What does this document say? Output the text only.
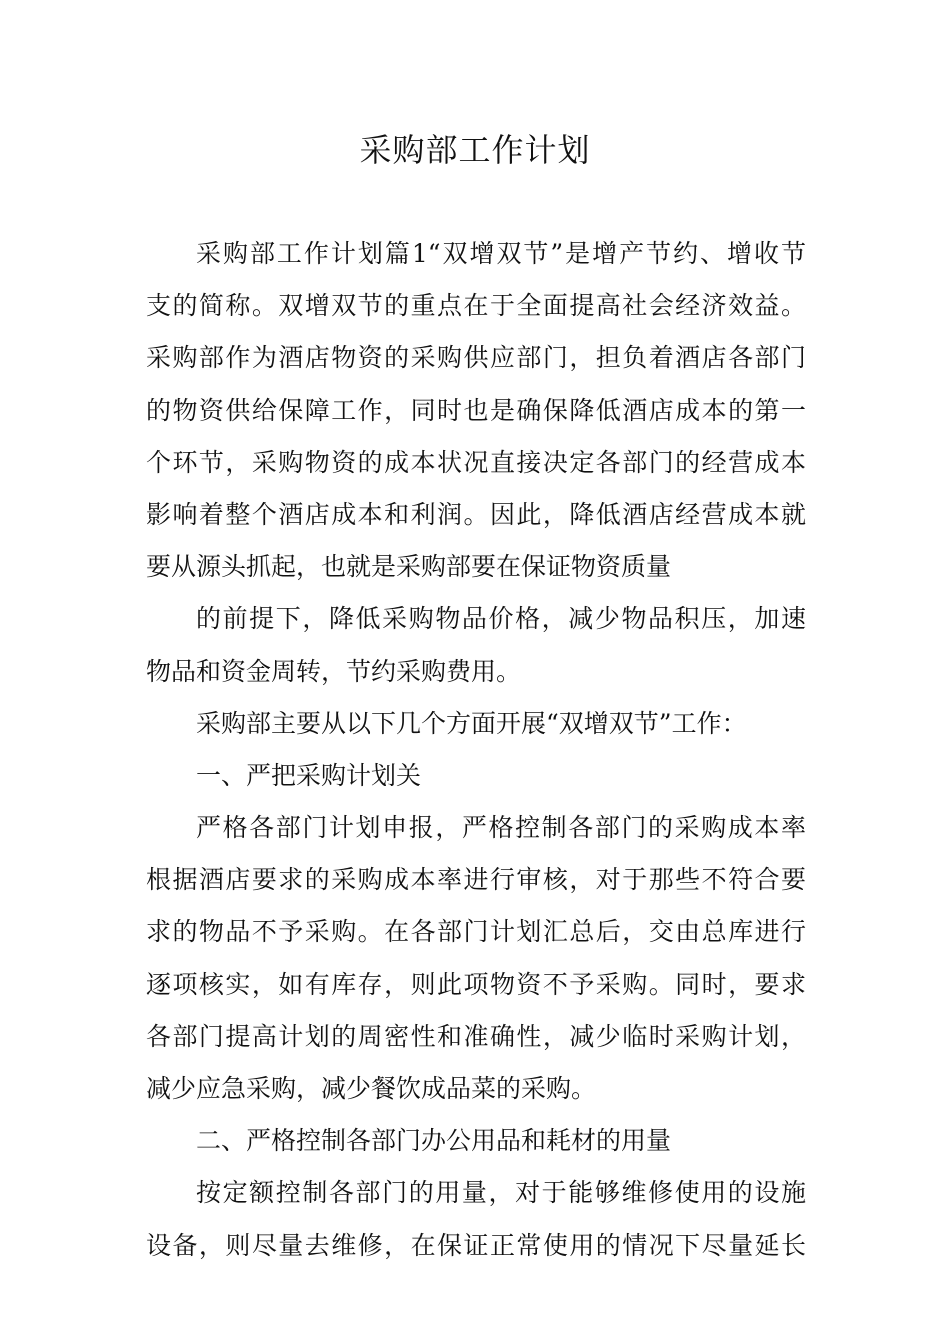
采购部工作计划
采购部工作计划篇1“双增双节”是增产节约、增收节
支的简称。双增双节的重点在于全面提高社会经济效益。
采购部作为酒店物资的采购供应部门，担负着酒店各部门
的物资供给保障工作，同时也是确保降低酒店成本的第一
个环节，采购物资的成本状况直接决定各部门的经营成本
影响着整个酒店成本和利润。因此，降低酒店经营成本就
要从源头抓起，也就是采购部要在保证物资质量
的前提下，降低采购物品价格，减少物品积压，加速
物品和资金周转，节约采购费用。
采购部主要从以下几个方面开展“双增双节”工作：
一、严把采购计划关
严格各部门计划申报，严格控制各部门的采购成本率
根据酒店要求的采购成本率进行审核，对于那些不符合要
求的物品不予采购。在各部门计划汇总后，交由总库进行
逐项核实，如有库存，则此项物资不予采购。同时，要求
各部门提高计划的周密性和准确性，减少临时采购计划，
减少应急采购，减少餐饮成品菜的采购。
二、严格控制各部门办公用品和耗材的用量
按定额控制各部门的用量，对于能够维修使用的设施
设备，则尽量去维修，在保证正常使用的情况下尽量延长
